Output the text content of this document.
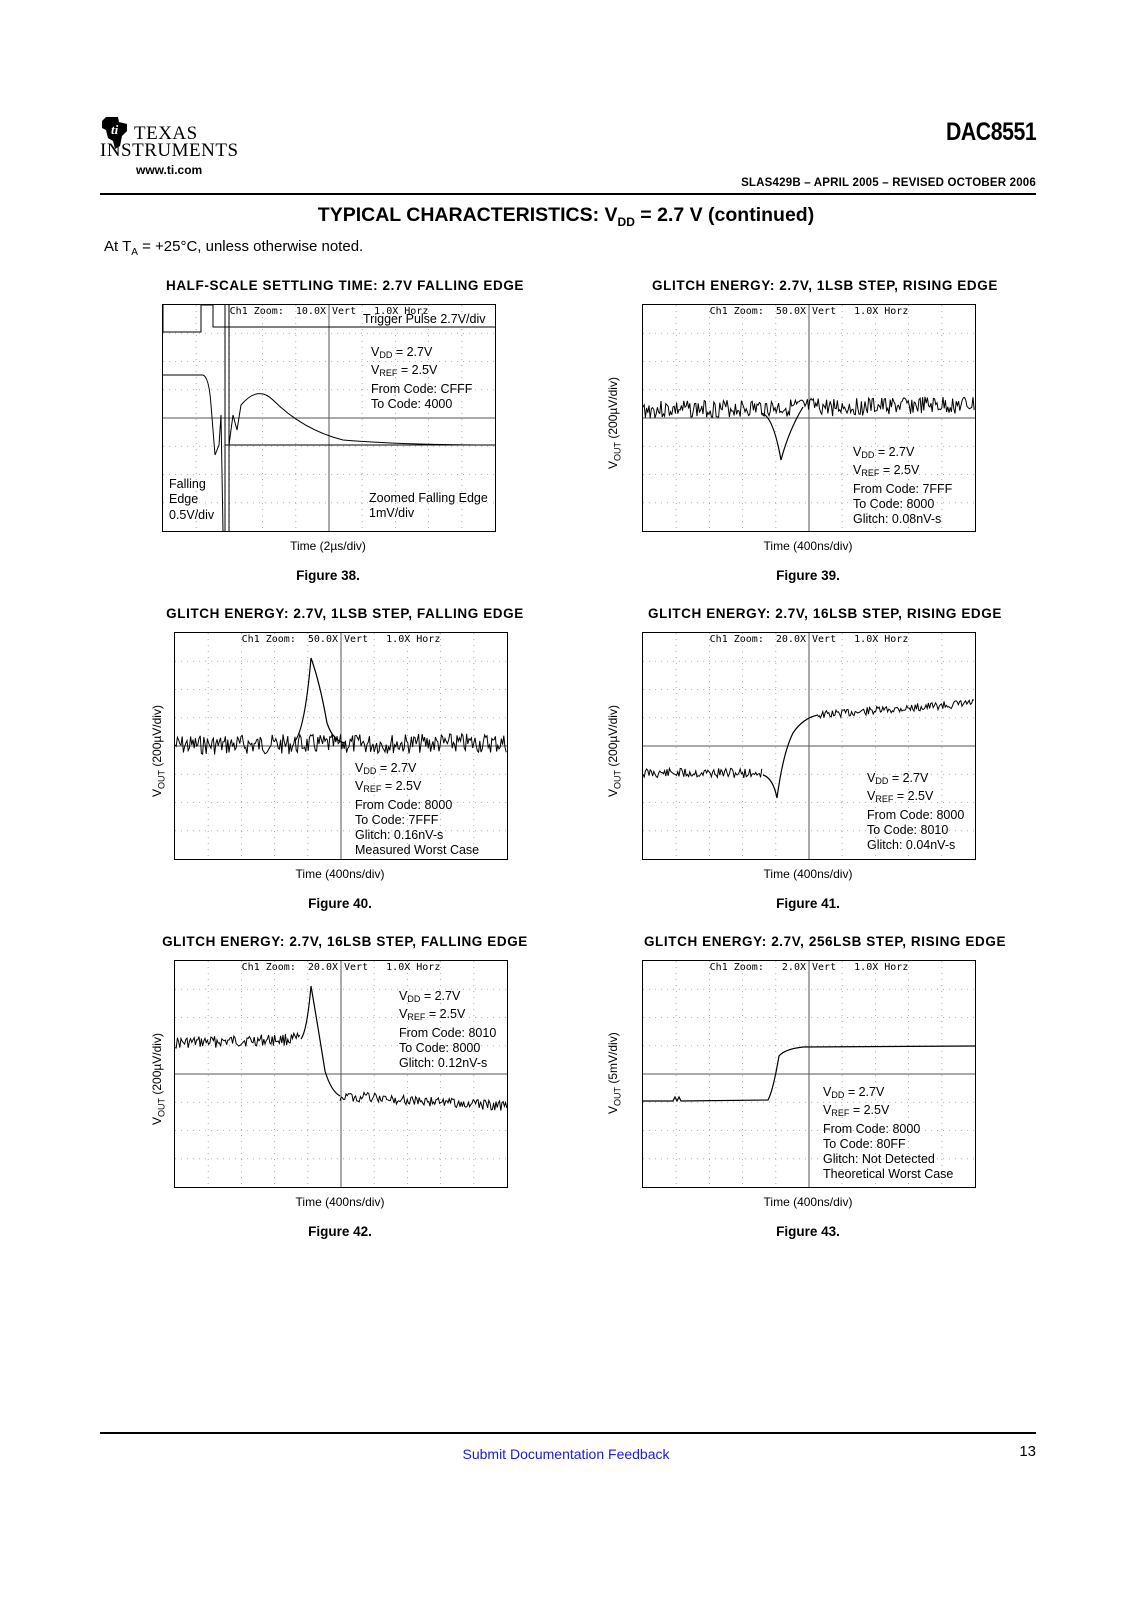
ti TEXAS
INSTRUMENTS
www.ti.com
DAC8551
SLAS429B – APRIL 2005 – REVISED OCTOBER 2006
TYPICAL CHARACTERISTICS: $V_{DD} = 2.7$ V (continued)
At $T_A = +25^\circ C$, unless otherwise noted.
HALF-SCALE SETTLING TIME: 2.7V FALLING EDGE
Ch1 Zoom:  10.0X Vert   1.0X Horz
Trigger Pulse 2.7V/div
$V_{DD} = 2.7V$
$V_{REF} = 2.5V$
From Code: CFFF
To Code: 4000
Falling
Edge
0.5V/div
Zoomed Falling Edge
1mV/div
Time (2µs/div)
Figure 38.
GLITCH ENERGY: 2.7V, 1LSB STEP, RISING EDGE
Ch1 Zoom:  50.0X Vert   1.0X Horz
$V_{DD} = 2.7V$
$V_{REF} = 2.5V$
From Code: 7FFF
To Code: 8000
Glitch: 0.08nV-s
$V_{OUT}$ (200µV/div)
Time (400ns/div)
Figure 39.
GLITCH ENERGY: 2.7V, 1LSB STEP, FALLING EDGE
Ch1 Zoom:  50.0X Vert   1.0X Horz
$V_{DD} = 2.7V$
$V_{REF} = 2.5V$
From Code: 8000
To Code: 7FFF
Glitch: 0.16nV-s
Measured Worst Case
$V_{OUT}$ (200µV/div)
Time (400ns/div)
Figure 40.
GLITCH ENERGY: 2.7V, 16LSB STEP, RISING EDGE
Ch1 Zoom:  20.0X Vert   1.0X Horz
$V_{DD} = 2.7V$
$V_{REF} = 2.5V$
From Code: 8000
To Code: 8010
Glitch: 0.04nV-s
$V_{OUT}$ (200µV/div)
Time (400ns/div)
Figure 41.
GLITCH ENERGY: 2.7V, 16LSB STEP, FALLING EDGE
Ch1 Zoom:  20.0X Vert   1.0X Horz
$V_{DD} = 2.7V$
$V_{REF} = 2.5V$
From Code: 8010
To Code: 8000
Glitch: 0.12nV-s
$V_{OUT}$ (200µV/div)
Time (400ns/div)
Figure 42.
GLITCH ENERGY: 2.7V, 256LSB STEP, RISING EDGE
Ch1 Zoom:   2.0X Vert   1.0X Horz
$V_{DD} = 2.7V$
$V_{REF} = 2.5V$
From Code: 8000
To Code: 80FF
Glitch: Not Detected
Theoretical Worst Case
$V_{OUT}$ (5mV/div)
Time (400ns/div)
Figure 43.
Submit Documentation Feedback	13
